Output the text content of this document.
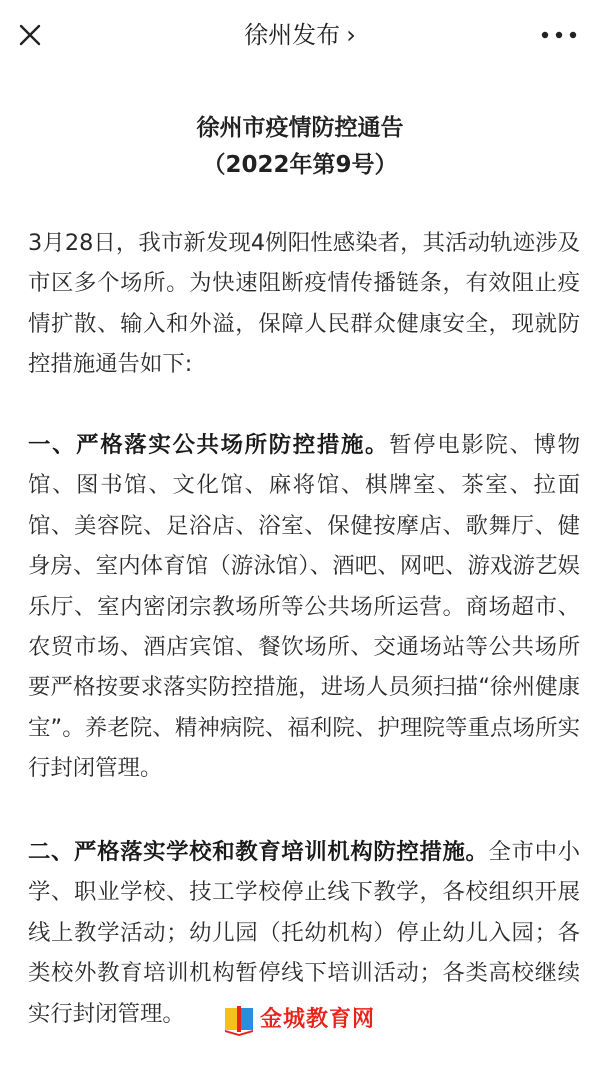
徐州发布 ›
徐州市疫情防控通告
（2022年第9号）
3月28日，我市新发现4例阳性感染者，其活动轨迹涉及市区多个场所。为快速阻断疫情传播链条，有效阻止疫情扩散、输入和外溢，保障人民群众健康安全，现就防控措施通告如下:
一、严格落实公共场所防控措施。暂停电影院、博物馆、图书馆、文化馆、麻将馆、棋牌室、茶室、拉面馆、美容院、足浴店、浴室、保健按摩店、歌舞厅、健身房、室内体育馆（游泳馆）、酒吧、网吧、游戏游艺娱乐厅、室内密闭宗教场所等公共场所运营。商场超市、农贸市场、酒店宾馆、餐饮场所、交通场站等公共场所要严格按要求落实防控措施，进场人员须扫描“徐州健康宝”。养老院、精神病院、福利院、护理院等重点场所实行封闭管理。
二、严格落实学校和教育培训机构防控措施。全市中小学、职业学校、技工学校停止线下教学，各校组织开展线上教学活动；幼儿园（托幼机构）停止幼儿入园；各类校外教育培训机构暂停线下培训活动；各类高校继续实行封闭管理。	金城教育网
